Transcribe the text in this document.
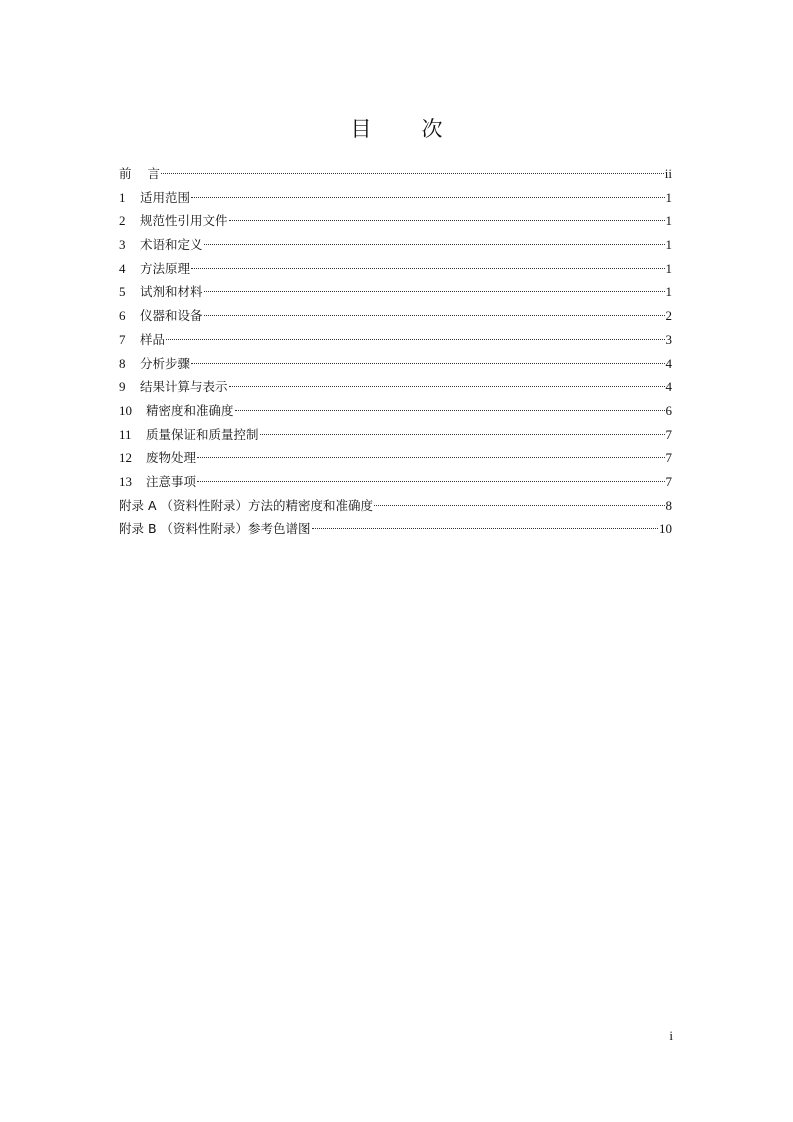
目 次
前 言	ii
1	适用范围	1
2	规范性引用文件	1
3	术语和定义	1
4	方法原理	1
5	试剂和材料	1
6	仪器和设备	2
7	样品	3
8	分析步骤	4
9	结果计算与表示	4
10	精密度和准确度	6
11	质量保证和质量控制	7
12	废物处理	7
13	注意事项	7
附录 A （资料性附录）方法的精密度和准确度	8
附录 B （资料性附录）参考色谱图	10
i
